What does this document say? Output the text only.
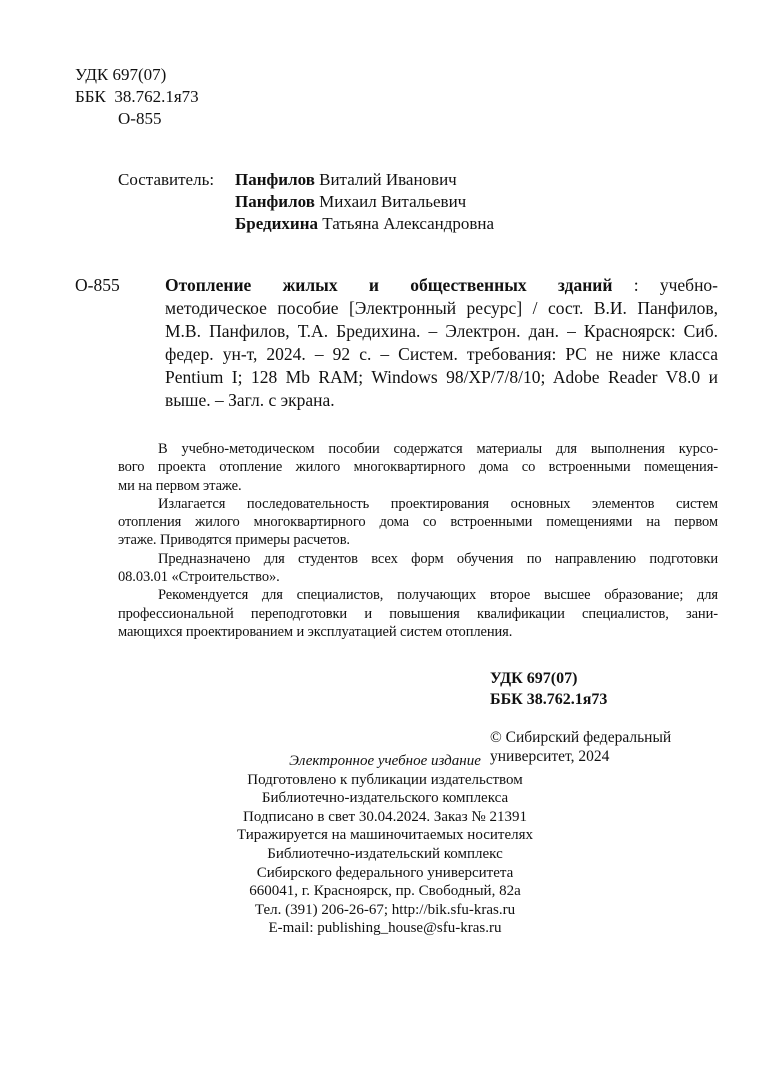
УДК 697(07)
ББК  38.762.1я73
О-855
Составитель: Панфилов Виталий Иванович
Панфилов Михаил Витальевич
Бредихина Татьяна Александровна
О-855	Отопление жилых и общественных зданий : учебно-
методическое пособие [Электронный ресурс] / сост. В.И. Панфилов,
М.В. Панфилов, Т.А. Бредихина. – Электрон. дан. – Красноярск: Сиб.
федер. ун-т, 2024. – 92 с. – Систем. требования: PC не ниже класса
Pentium I; 128 Mb RAM; Windows 98/XP/7/8/10; Adobe Reader V8.0 и
выше. – Загл. с экрана.
В учебно-методическом пособии содержатся материалы для выполнения курсо-
вого проекта отопление жилого многоквартирного дома со встроенными помещения-
ми на первом этаже.
Излагается последовательность проектирования основных элементов систем
отопления жилого многоквартирного дома со встроенными помещениями на первом
этаже. Приводятся примеры расчетов.
Предназначено для студентов всех форм обучения по направлению подготовки
08.03.01 «Строительство».
Рекомендуется для специалистов, получающих второе высшее образование; для
профессиональной переподготовки и повышения квалификации специалистов, зани-
мающихся проектированием и эксплуатацией систем отопления.
УДК 697(07)
ББК 38.762.1я73
© Сибирский федеральный
университет, 2024
Электронное учебное издание
Подготовлено к публикации издательством
Библиотечно-издательского комплекса
Подписано в свет 30.04.2024. Заказ № 21391
Тиражируется на машиночитаемых носителях
Библиотечно-издательский комплекс
Сибирского федерального университета
660041, г. Красноярск, пр. Свободный, 82а
Тел. (391) 206-26-67; http://bik.sfu-kras.ru
E-mail: publishing_house@sfu-kras.ru
